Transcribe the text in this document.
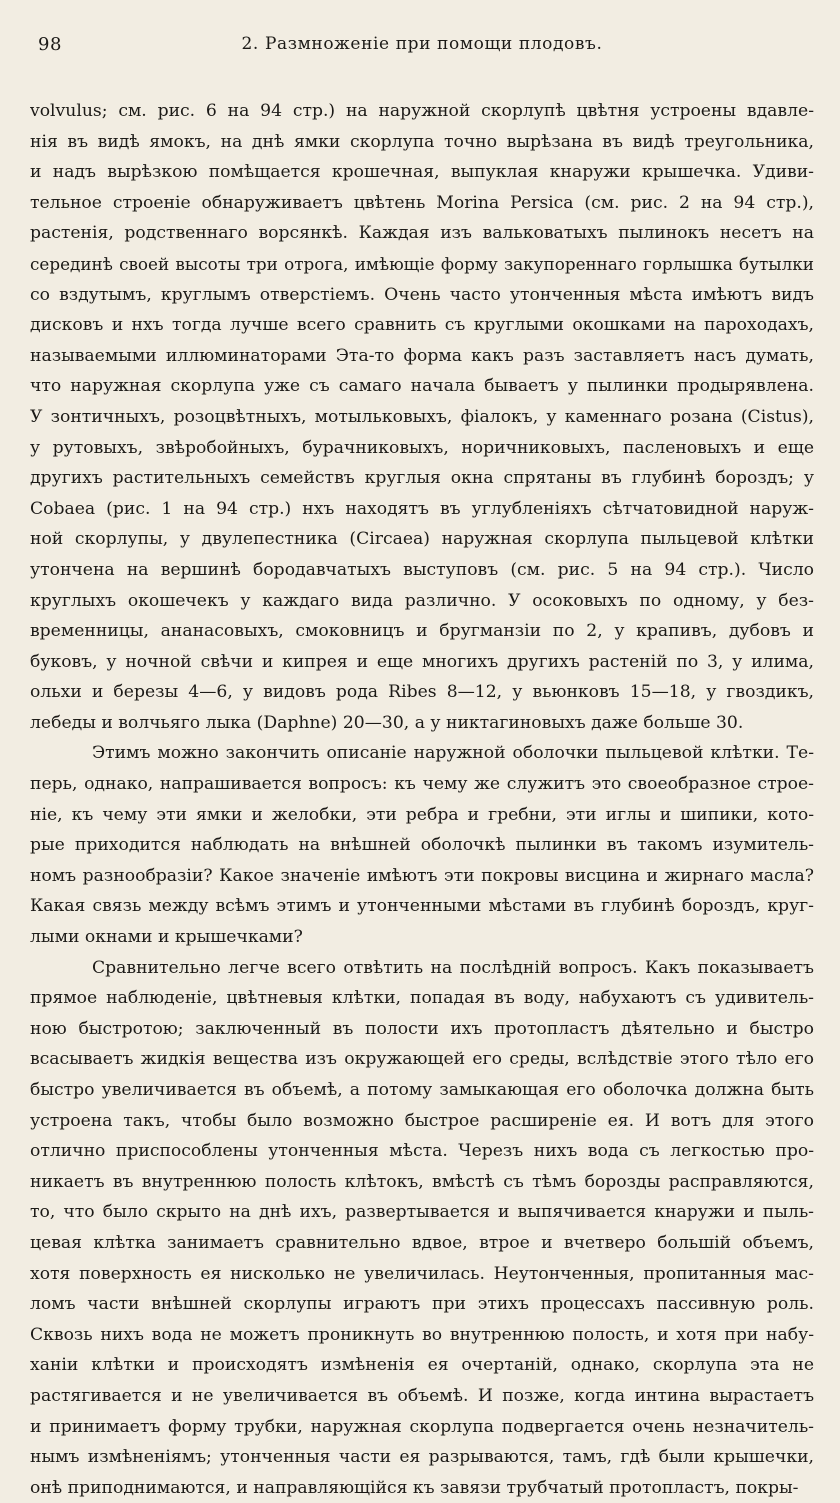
98	2. Размноженіе при помощи плодовъ.
volvulus; см. рис. 6 на 94 стр.) на наружной скорлупѣ цвѣтня устроены вдавле-
нія въ видѣ ямокъ, на днѣ ямки скорлупа точно вырѣзана въ видѣ треугольника,
и надъ вырѣзкою помѣщается крошечная, выпуклая кнаружи крышечка. Удиви-
тельное строеніе обнаруживаетъ цвѣтень Morina Persica (см. рис. 2 на 94 стр.),
растенія, родственнаго ворсянкѣ. Каждая изъ вальковатыхъ пылинокъ несетъ на
серединѣ своей высоты три отрога, имѣющіе форму закупореннаго горлышка бутылки
со вздутымъ, круглымъ отверстіемъ. Очень часто утонченныя мѣста имѣютъ видъ
дисковъ и нхъ тогда лучше всего сравнить съ круглыми окошками на пароходахъ,
называемыми иллюминаторами Эта-то форма какъ разъ заставляетъ насъ думать,
что наружная скорлупа уже съ самаго начала бываетъ у пылинки продырявлена.
У зонтичныхъ, розоцвѣтныхъ, мотыльковыхъ, фіалокъ, у каменнаго розана (Cistus),
у рутовыхъ, звѣробойныхъ, бурачниковыхъ, норичниковыхъ, пасленовыхъ и еще
другихъ растительныхъ семействъ круглыя окна спрятаны въ глубинѣ бороздъ; у
Cobaea (рис. 1 на 94 стр.) нхъ находятъ въ углубленіяхъ сѣтчатовидной наруж-
ной скорлупы, у двулепестника (Circaea) наружная скорлупа пыльцевой клѣтки
утончена на вершинѣ бородавчатыхъ выступовъ (см. рис. 5 на 94 стр.). Число
круглыхъ окошечекъ у каждаго вида различно. У осоковыхъ по одному, у без-
временницы, ананасовыхъ, смоковницъ и бругманзіи по 2, у крапивъ, дубовъ и
буковъ, у ночной свѣчи и кипрея и еще многихъ другихъ растеній по 3, у илима,
ольхи и березы 4—6, у видовъ рода Ribes 8—12, у вьюнковъ 15—18, у гвоздикъ,
лебеды и волчьяго лыка (Daphne) 20—30, а у никтагиновыхъ даже больше 30.
Этимъ можно закончить описаніе наружной оболочки пыльцевой клѣтки. Те-
перь, однако, напрашивается вопросъ: къ чему же служитъ это своеобразное строе-
ніе, къ чему эти ямки и желобки, эти ребра и гребни, эти иглы и шипики, кото-
рые приходится наблюдать на внѣшней оболочкѣ пылинки въ такомъ изумитель-
номъ разнообразіи? Какое значеніе имѣютъ эти покровы висцина и жирнаго масла?
Какая связь между всѣмъ этимъ и утонченными мѣстами въ глубинѣ бороздъ, круг-
лыми окнами и крышечками?
Сравнительно легче всего отвѣтить на послѣдній вопросъ. Какъ показываетъ
прямое наблюденіе, цвѣтневыя клѣтки, попадая въ воду, набухаютъ съ удивитель-
ною быстротою; заключенный въ полости ихъ протопластъ дѣятельно и быстро
всасываетъ жидкія вещества изъ окружающей его среды, вслѣдствіе этого тѣло его
быстро увеличивается въ объемѣ, а потому замыкающая его оболочка должна быть
устроена такъ, чтобы было возможно быстрое расширеніе ея. И вотъ для этого
отлично приспособлены утонченныя мѣста. Черезъ нихъ вода съ легкостью про-
никаетъ въ внутреннюю полость клѣтокъ, вмѣстѣ съ тѣмъ борозды расправляются,
то, что было скрыто на днѣ ихъ, развертывается и выпячивается кнаружи и пыль-
цевая клѣтка занимаетъ сравнительно вдвое, втрое и вчетверо большій объемъ,
хотя поверхность ея нисколько не увеличилась. Неутонченныя, пропитанныя мас-
ломъ части внѣшней скорлупы играютъ при этихъ процессахъ пассивную роль.
Сквозь нихъ вода не можетъ проникнуть во внутреннюю полость, и хотя при набу-
ханіи клѣтки и происходятъ измѣненія ея очертаній, однако, скорлупа эта не
растягивается и не увеличивается въ объемѣ. И позже, когда интина вырастаетъ
и принимаетъ форму трубки, наружная скорлупа подвергается очень незначитель-
нымъ измѣненіямъ; утонченныя части ея разрываются, тамъ, гдѣ были крышечки,
онѣ приподнимаются, и направляющійся къ завязи трубчатый протопластъ, покры-
